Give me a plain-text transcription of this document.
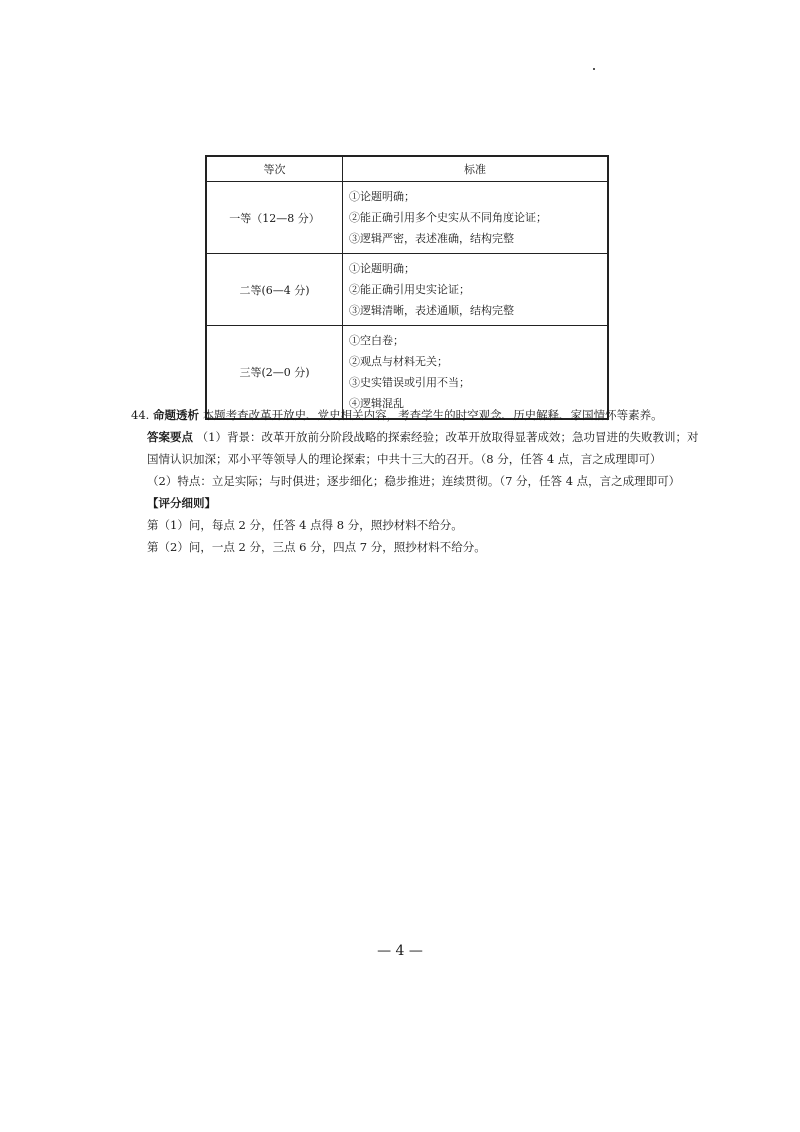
等次	标准
一等（12—8 分）	①论题明确；
②能正确引用多个史实从不同角度论证；
③逻辑严密，表述准确，结构完整

二等(6—4 分)	①论题明确；
②能正确引用史实论证；
③逻辑清晰，表述通顺，结构完整

三等(2—0 分)	①空白卷；
②观点与材料无关；
③史实错误或引用不当；
④逻辑混乱
44. 命题透析 本题考查改革开放史、党史相关内容，考查学生的时空观念、历史解释、家国情怀等素养。
答案要点 （1）背景：改革开放前分阶段战略的探索经验；改革开放取得显著成效；急功冒进的失败教训；对
国情认识加深；邓小平等领导人的理论探索；中共十三大的召开。（8 分，任答 4 点，言之成理即可）
（2）特点：立足实际；与时俱进；逐步细化；稳步推进；连续贯彻。（7 分，任答 4 点，言之成理即可）
【评分细则】
第（1）问，每点 2 分，任答 4 点得 8 分，照抄材料不给分。
第（2）问，一点 2 分，三点 6 分，四点 7 分，照抄材料不给分。
— 4 —
